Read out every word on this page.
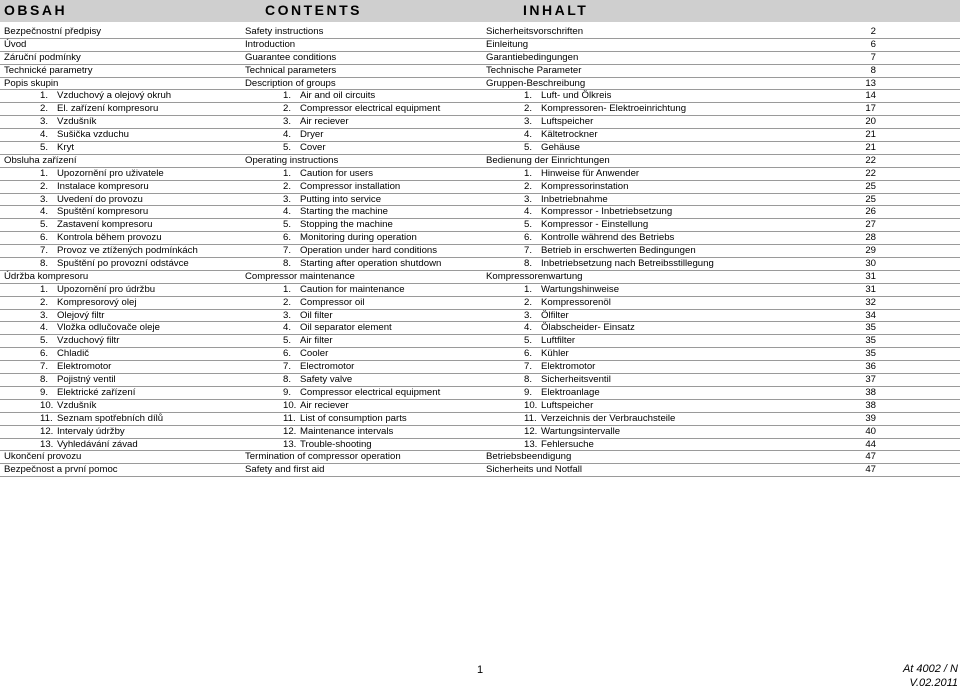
OBSAH	CONTENTS	INHALT
Bezpečnostní předpisy	Safety instructions	Sicherheitsvorschriften	2
Úvod	Introduction	Einleitung	6
Záruční podmínky	Guarantee conditions	Garantiebedingungen	7
Technické parametry	Technical parameters	Technische Parameter	8
Popis skupin	Description of groups	Gruppen-Beschreibung	13
1. Vzduchový a olejový okruh	1. Air and oil circuits	1. Luft- und Ölkreis	14
2. El. zařízení kompresoru	2. Compressor electrical equipment	2. Kompressoren- Elektroeinrichtung	17
3. Vzdušník	3. Air reciever	3. Luftspeicher	20
4. Sušička vzduchu	4. Dryer	4. Kältetrockner	21
5. Kryt	5. Cover	5. Gehäuse	21
Obsluha zařízení	Operating instructions	Bedienung der Einrichtungen	22
1. Upozornění pro uživatele	1. Caution for users	1. Hinweise für Anwender	22
2. Instalace kompresoru	2. Compressor installation	2. Kompressorinstation	25
3. Uvedení do provozu	3. Putting into service	3. Inbetriebnahme	25
4. Spuštění kompresoru	4. Starting the machine	4. Kompressor - Inbetriebsetzung	26
5. Zastavení kompresoru	5. Stopping the machine	5. Kompressor - Einstellung	27
6. Kontrola během provozu	6. Monitoring during operation	6. Kontrolle während des Betriebs	28
7. Provoz ve ztížených podmínkách	7. Operation under hard conditions	7. Betrieb in erschwerten Bedingungen	29
8. Spuštění po provozní odstávce	8. Starting after operation shutdown	8. Inbetriebsetzung nach Betreibsstillegung	30
Údržba kompresoru	Compressor maintenance	Kompressorenwartung	31
1. Upozornění pro údržbu	1. Caution for maintenance	1. Wartungshinweise	31
2. Kompresorový olej	2. Compressor oil	2. Kompressorenöl	32
3. Olejový filtr	3. Oil filter	3. Ölfilter	34
4. Vložka odlučovače oleje	4. Oil separator element	4. Ölabscheider- Einsatz	35
5. Vzduchový filtr	5. Air filter	5. Luftfilter	35
6. Chladič	6. Cooler	6. Kühler	35
7. Elektromotor	7. Electromotor	7. Elektromotor	36
8. Pojistný ventil	8. Safety valve	8. Sicherheitsventil	37
9. Elektrické zařízení	9. Compressor electrical equipment	9. Elektroanlage	38
10. Vzdušník	10. Air reciever	10. Luftspeicher	38
11. Seznam spotřebních dílů	11. List of consumption parts	11. Verzeichnis der Verbrauchsteile	39
12. Intervaly údržby	12. Maintenance intervals	12. Wartungsintervalle	40
13. Vyhledávání závad	13. Trouble-shooting	13. Fehlersuche	44
Ukončení provozu	Termination of compressor operation	Betriebsbeendigung	47
Bezpečnost a první pomoc	Safety and first aid	Sicherheits und Notfall	47
1	At 4002 / N
V.02.2011
